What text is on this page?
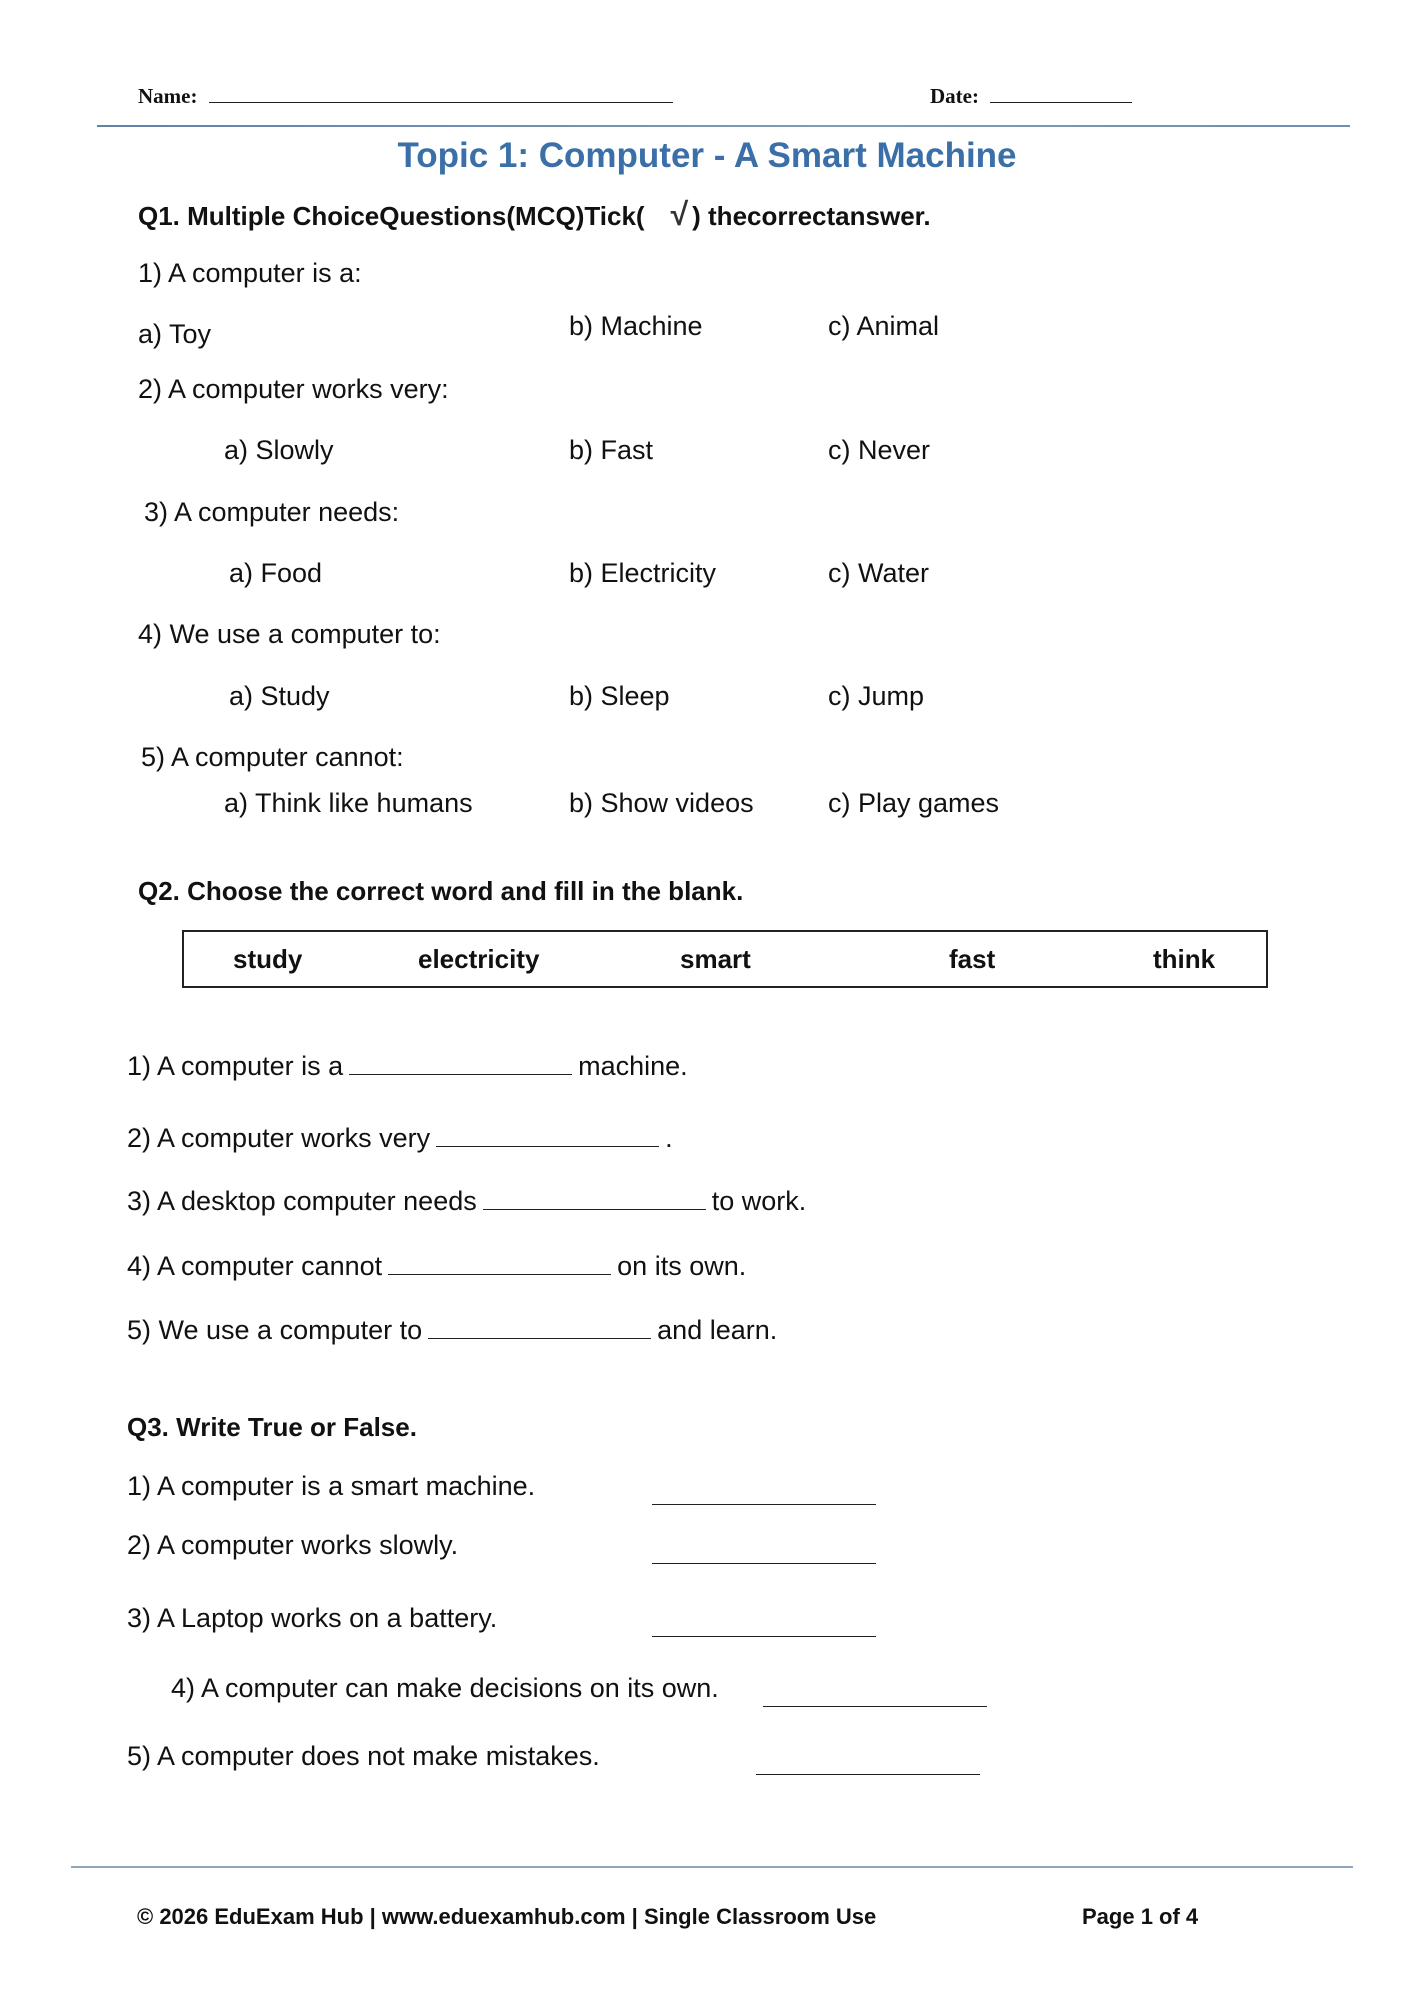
Name:	Date:
Topic 1: Computer - A Smart Machine
Q1. Multiple ChoiceQuestions(MCQ)Tick( √ ) thecorrectanswer.
1) A computer is a:
a) Toy	b) Machine	c) Animal
2) A computer works very:
a) Slowly	b) Fast	c) Never
3) A computer needs:
a) Food	b) Electricity	c) Water
4) We use a computer to:
a) Study	b) Sleep	c) Jump
5) A computer cannot:
a) Think like humans	b) Show videos	c) Play games
Q2. Choose the correct word and fill in the blank.
study	electricity	smart	fast	think
1) A computer is a	machine.
2) A computer works very	.
3) A desktop computer needs	to work.
4) A computer cannot	on its own.
5) We use a computer to	and learn.
Q3. Write True or False.
1) A computer is a smart machine.
2) A computer works slowly.
3) A Laptop works on a battery.
4) A computer can make decisions on its own.
5) A computer does not make mistakes.
© 2026 EduExam Hub | www.eduexamhub.com | Single Classroom Use	Page 1 of 4
